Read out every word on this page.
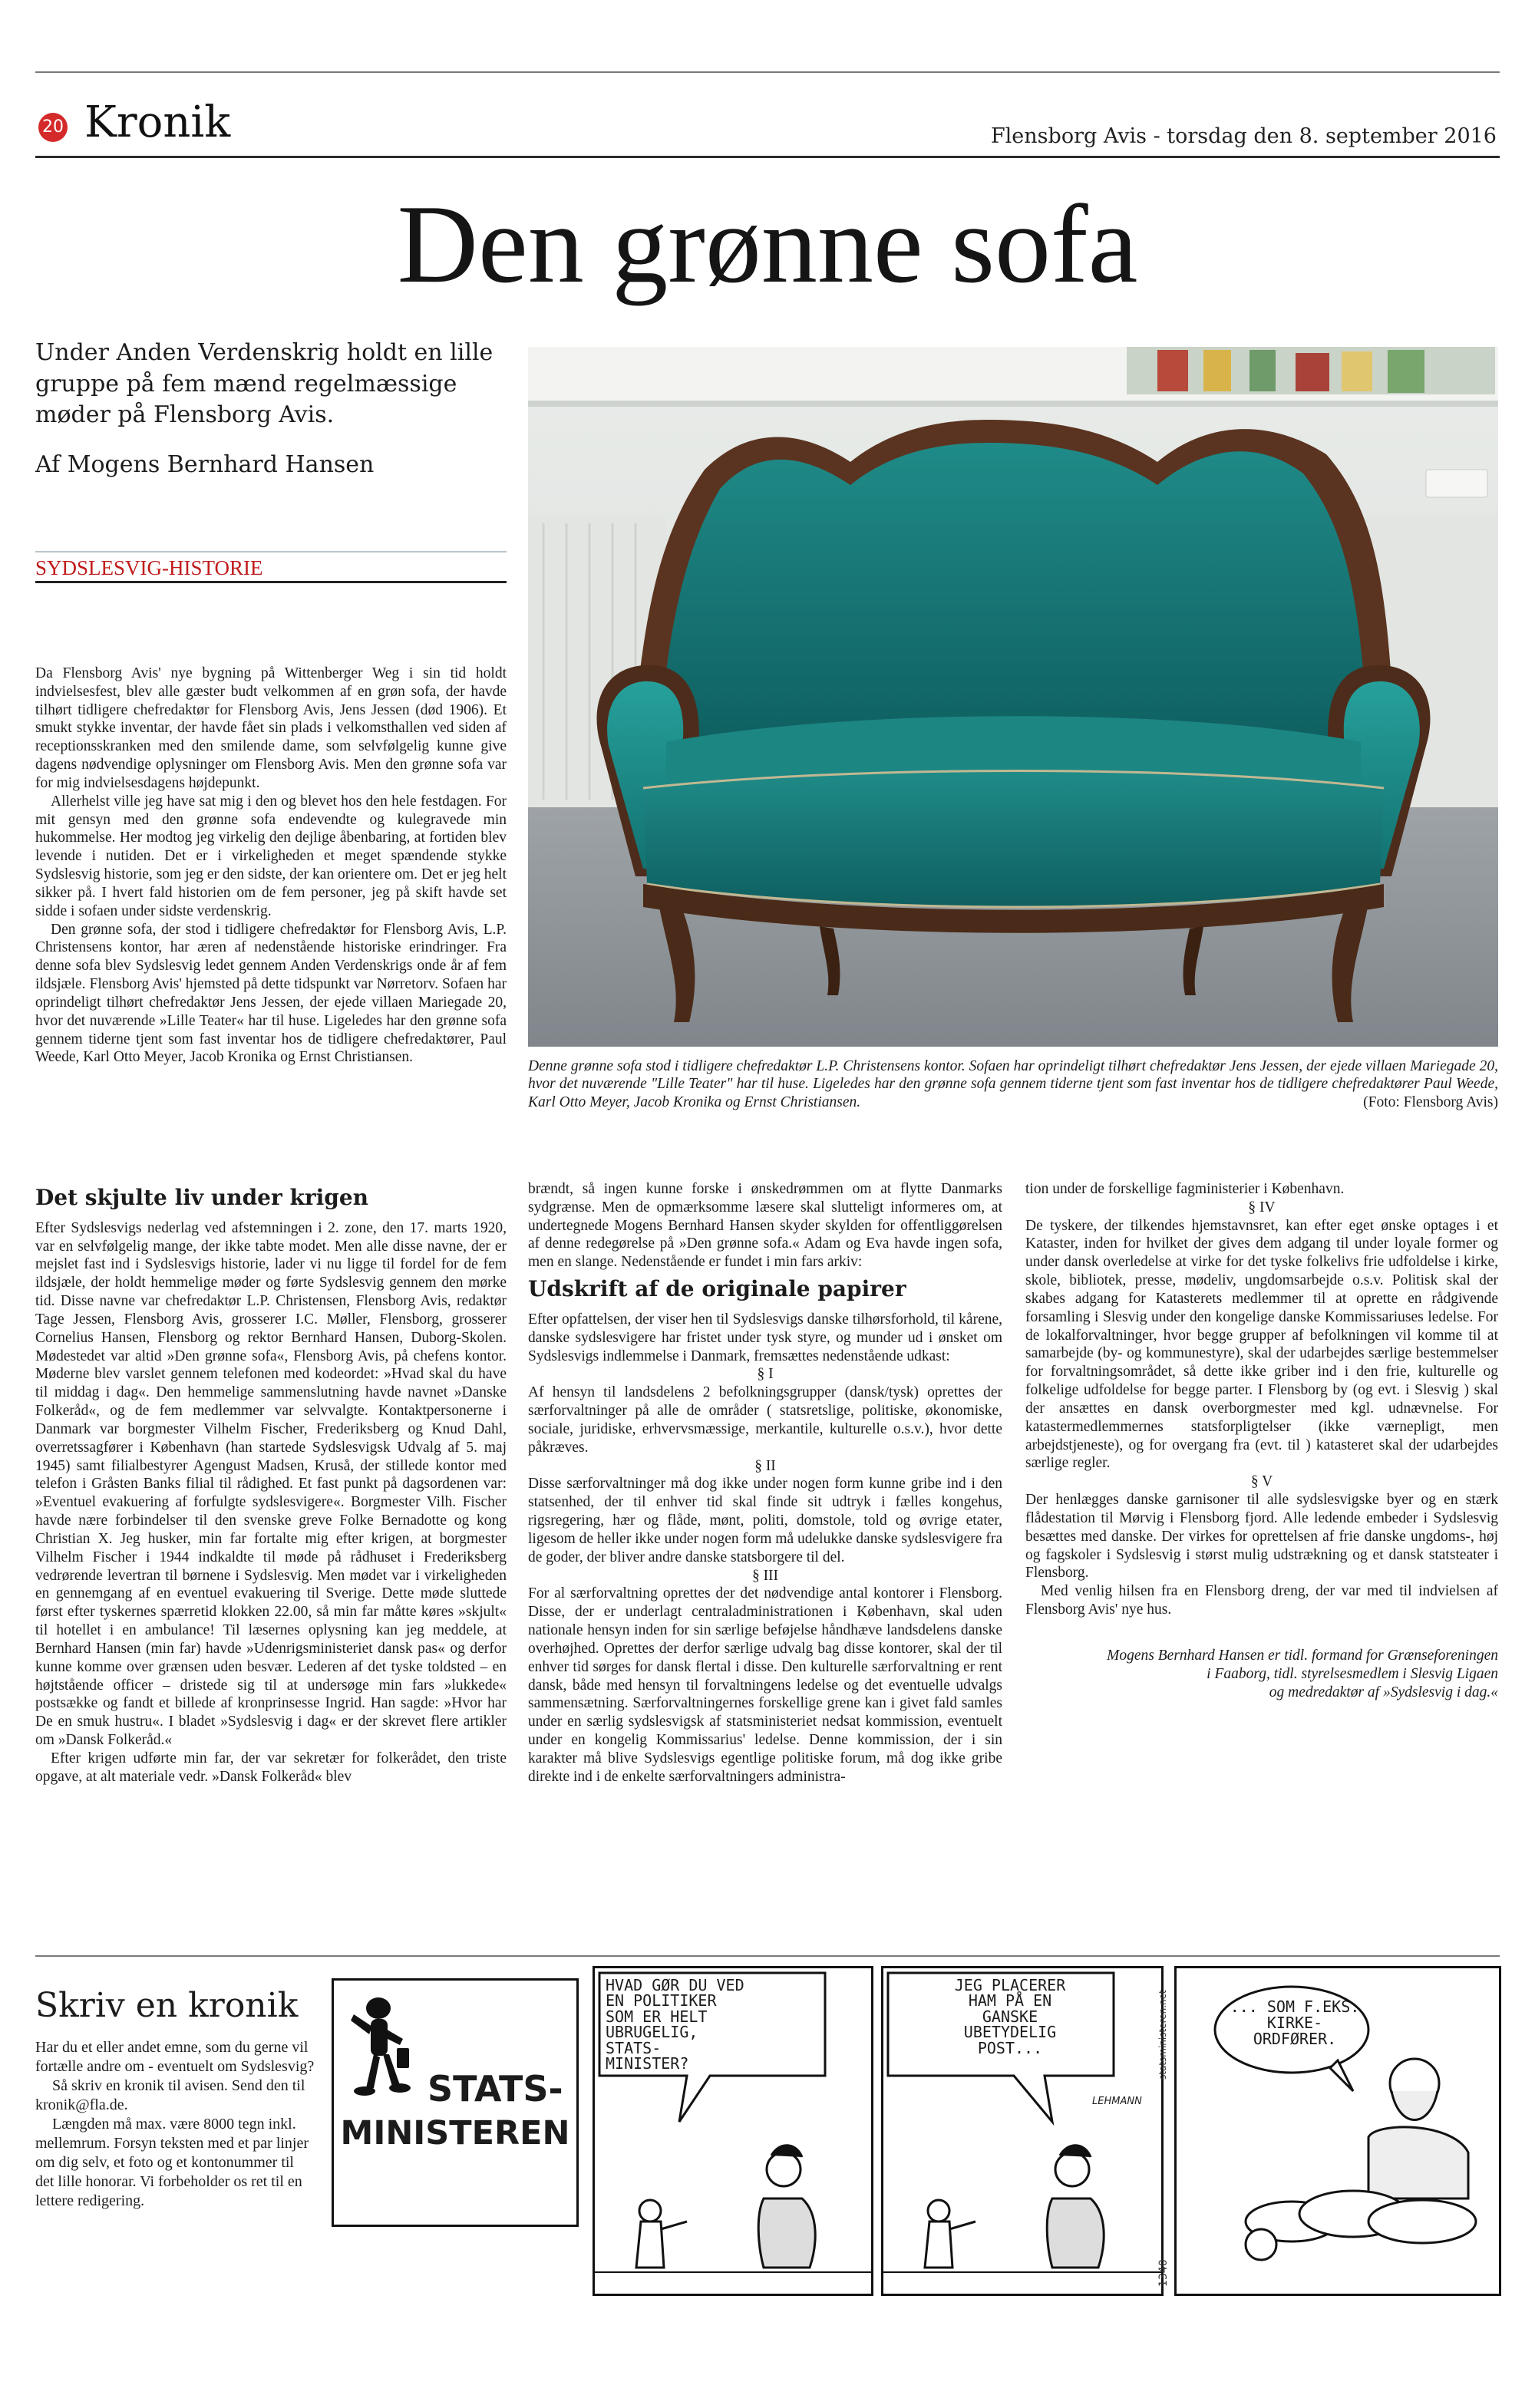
20 Kronik	Flensborg Avis - torsdag den 8. september 2016
Den grønne sofa

Under Anden Verdenskrig holdt en lille gruppe på fem mænd regelmæssige møder på Flensborg Avis.

Af Mogens Bernhard Hansen

SYDSLESVIG-HISTORIE

Denne grønne sofa stod i tidligere chefredaktør L.P. Christensens kontor. Sofaen har oprindeligt tilhørt chefredaktør Jens Jessen, der ejede villaen Mariegade 20, hvor det nuværende "Lille Teater" har til huse. Ligeledes har den grønne sofa gennem tiderne tjent som fast inventar hos de tidligere chefredaktører Paul Weede, Karl Otto Meyer, Jacob Kronika og Ernst Christiansen.	(Foto: Flensborg Avis)

Da Flensborg Avis' nye bygning på Wittenberger Weg i sin tid holdt indvielsesfest, blev alle gæster budt velkommen af en grøn sofa, der havde tilhørt tidligere chefredaktør for Flensborg Avis, Jens Jessen (død 1906). Et smukt stykke inventar, der havde fået sin plads i velkomsthallen ved siden af receptionsskranken med den smilende dame, som selvfølgelig kunne give dagens nødvendige oplysninger om Flensborg Avis. Men den grønne sofa var for mig indvielsesdagens højdepunkt.

Allerhelst ville jeg have sat mig i den og blevet hos den hele festdagen. For mit gensyn med den grønne sofa endevendte og kulegravede min hukommelse. Her modtog jeg virkelig den dejlige åbenbaring, at fortiden blev levende i nutiden. Det er i virkeligheden et meget spændende stykke Sydslesvig historie, som jeg er den sidste, der kan orientere om. Det er jeg helt sikker på. I hvert fald historien om de fem personer, jeg på skift havde set sidde i sofaen under sidste verdenskrig.

Den grønne sofa, der stod i tidligere chefredaktør for Flensborg Avis, L.P. Christensens kontor, har æren af nedenstående historiske erindringer. Fra denne sofa blev Sydslesvig ledet gennem Anden Verdenskrigs onde år af fem ildsjæle. Flensborg Avis' hjemsted på dette tidspunkt var Nørretorv. Sofaen har oprindeligt tilhørt chefredaktør Jens Jessen, der ejede villaen Mariegade 20, hvor det nuværende »Lille Teater« har til huse. Ligeledes har den grønne sofa gennem tiderne tjent som fast inventar hos de tidligere chefredaktører, Paul Weede, Karl Otto Meyer, Jacob Kronika og Ernst Christiansen.

Det skjulte liv under krigen

Efter Sydslesvigs nederlag ved afstemningen i 2. zone, den 17. marts 1920, var en selvfølgelig mange, der ikke tabte modet. Men alle disse navne, der er mejslet fast ind i Sydslesvigs historie, lader vi nu ligge til fordel for de fem ildsjæle, der holdt hemmelige møder og førte Sydslesvig gennem den mørke tid. Disse navne var chefredaktør L.P. Christensen, Flensborg Avis, redaktør Tage Jessen, Flensborg Avis, grosserer I.C. Møller, Flensborg, grosserer Cornelius Hansen, Flensborg og rektor Bernhard Hansen, Duborg-Skolen. Mødestedet var altid »Den grønne sofa«, Flensborg Avis, på chefens kontor. Møderne blev varslet gennem telefonen med kodeordet: »Hvad skal du have til middag i dag«. Den hemmelige sammenslutning havde navnet »Danske Folkeråd«, og de fem medlemmer var selvvalgte. Kontaktpersonerne i Danmark var borgmester Vilhelm Fischer, Frederiksberg og Knud Dahl, overretssagfører i København (han startede Sydslesvigsk Udvalg af 5. maj 1945) samt filialbestyrer Agengust Madsen, Kruså, der stillede kontor med telefon i Gråsten Banks filial til rådighed. Et fast punkt på dagsordenen var: »Eventuel evakuering af forfulgte sydslesvigere«. Borgmester Vilh. Fischer havde nære forbindelser til den svenske greve Folke Bernadotte og kong Christian X. Jeg husker, min far fortalte mig efter krigen, at borgmester Vilhelm Fischer i 1944 indkaldte til møde på rådhuset i Frederiksberg vedrørende levertran til børnene i Sydslesvig. Men mødet var i virkeligheden en gennemgang af en eventuel evakuering til Sverige. Dette møde sluttede først efter tyskernes spærretid klokken 22.00, så min far måtte køres »skjult« til hotellet i en ambulance! Til læsernes oplysning kan jeg meddele, at Bernhard Hansen (min far) havde »Udenrigsministeriet dansk pas« og derfor kunne komme over grænsen uden besvær. Lederen af det tyske toldsted – en højtstående officer – dristede sig til at undersøge min fars »lukkede« postsække og fandt et billede af kronprinsesse Ingrid. Han sagde: »Hvor har De en smuk hustru«. I bladet »Sydslesvig i dag« er der skrevet flere artikler om »Dansk Folkeråd.«

Efter krigen udførte min far, der var sekretær for folkerådet, den triste opgave, at alt materiale vedr. »Dansk Folkeråd« blev

brændt, så ingen kunne forske i ønskedrømmen om at flytte Danmarks sydgrænse. Men de opmærksomme læsere skal slutteligt informeres om, at undertegnede Mogens Bernhard Hansen skyder skylden for offentliggørelsen af denne redegørelse på »Den grønne sofa.« Adam og Eva havde ingen sofa, men en slange. Nedenstående er fundet i min fars arkiv:

Udskrift af de originale papirer

Efter opfattelsen, der viser hen til Sydslesvigs danske tilhørsforhold, til kårene, danske sydslesvigere har fristet under tysk styre, og munder ud i ønsket om Sydslesvigs indlemmelse i Danmark, fremsættes nedenstående udkast:

§ I

Af hensyn til landsdelens 2 befolkningsgrupper (dansk/tysk) oprettes der særforvaltninger på alle de områder ( statsretslige, politiske, økonomiske, sociale, juridiske, erhvervsmæssige, merkantile, kulturelle o.s.v.), hvor dette påkræves.

§ II

Disse særforvaltninger må dog ikke under nogen form kunne gribe ind i den statsenhed, der til enhver tid skal finde sit udtryk i fælles kongehus, rigsregering, hær og flåde, mønt, politi, domstole, told og øvrige etater, ligesom de heller ikke under nogen form må udelukke danske sydslesvigere fra de goder, der bliver andre danske statsborgere til del.

§ III

For al særforvaltning oprettes der det nødvendige antal kontorer i Flensborg. Disse, der er underlagt centraladministrationen i København, skal uden nationale hensyn inden for sin særlige beføjelse håndhæve landsdelens danske overhøjhed. Oprettes der derfor særlige udvalg bag disse kontorer, skal der til enhver tid sørges for dansk flertal i disse. Den kulturelle særforvaltning er rent dansk, både med hensyn til forvaltningens ledelse og det eventuelle udvalgs sammensætning. Særforvaltningernes forskellige grene kan i givet fald samles under en særlig sydslesvigsk af statsministeriet nedsat kommission, eventuelt under en kongelig Kommissarius' ledelse. Denne kommission, der i sin karakter må blive Sydslesvigs egentlige politiske forum, må dog ikke gribe direkte ind i de enkelte særforvaltningers administra-

tion under de forskellige fagministerier i København.

§ IV

De tyskere, der tilkendes hjemstavnsret, kan efter eget ønske optages i et Kataster, inden for hvilket der gives dem adgang til under loyale former og under dansk overledelse at virke for det tyske folkelivs frie udfoldelse i kirke, skole, bibliotek, presse, mødeliv, ungdomsarbejde o.s.v. Politisk skal der skabes adgang for Katasterets medlemmer til at oprette en rådgivende forsamling i Slesvig under den kongelige danske Kommissariuses ledelse. For de lokalforvaltninger, hvor begge grupper af befolkningen vil komme til at samarbejde (by- og kommunestyre), skal der udarbejdes særlige bestemmelser for forvaltningsområdet, så dette ikke griber ind i den frie, kulturelle og folkelige udfoldelse for begge parter. I Flensborg by (og evt. i Slesvig ) skal der ansættes en dansk overborgmester med kgl. udnævnelse. For katastermedlemmernes statsforpligtelser (ikke værnepligt, men arbejdstjeneste), og for overgang fra (evt. til ) katasteret skal der udarbejdes særlige regler.

§ V

Der henlægges danske garnisoner til alle sydslesvigske byer og en stærk flådestation til Mørvig i Flensborg fjord. Alle ledende embeder i Sydslesvig besættes med danske. Der virkes for oprettelsen af frie danske ungdoms-, høj og fagskoler i Sydslesvig i størst mulig udstrækning og et dansk statsteater i Flensborg.

Med venlig hilsen fra en Flensborg dreng, der var med til indvielsen af Flensborg Avis' nye hus.

Mogens Bernhard Hansen er tidl. formand for Grænseforeningen

i Faaborg, tidl. styrelsesmedlem i Slesvig Ligaen

og medredaktør af »Sydslesvig i dag.«

Skriv en kronik

Har du et eller andet emne, som du gerne vil fortælle andre om - eventuelt om Sydslesvig?

Så skriv en kronik til avisen. Send den til kronik@fla.de.

Længden må max. være 8000 tegn inkl. mellemrum. Forsyn teksten med et par linjer om dig selv, et foto og et kontonummer til det lille honorar. Vi forbeholder os ret til en lettere redigering.

STATS-
MINISTEREN
HVAD GØR DU VED
EN POLITIKER
SOM ER HELT
UBRUGELIG,
STATS-
MINISTER?
JEG PLACERER
HAM PÅ EN
GANSKE
UBETYDELIG
POST...
LEHMANN
... SOM F.EKS.
KIRKE-
ORDFØRER.
statsministeren.net
1340
